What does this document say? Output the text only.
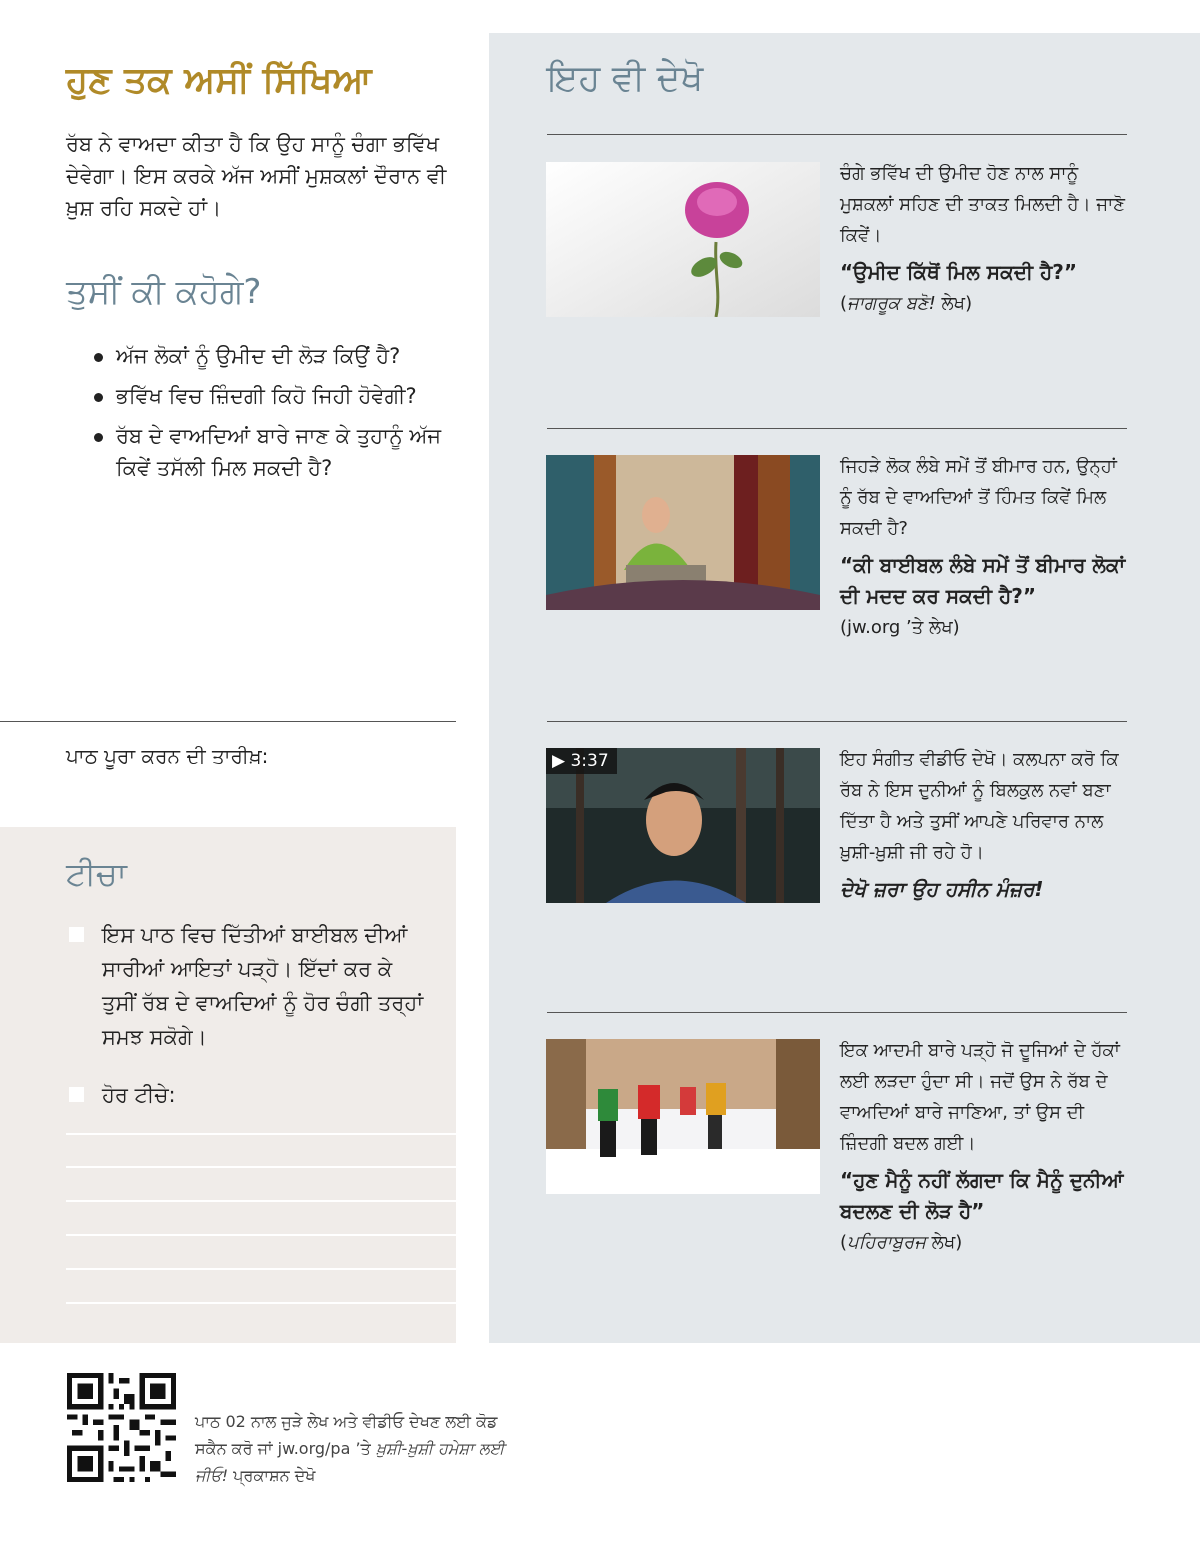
ਹੁਣ ਤਕ ਅਸੀਂ ਸਿੱਖਿਆ

ਰੱਬ ਨੇ ਵਾਅਦਾ ਕੀਤਾ ਹੈ ਕਿ ਉਹ ਸਾਨੂੰ ਚੰਗਾ ਭਵਿੱਖ ਦੇਵੇਗਾ। ਇਸ ਕਰਕੇ ਅੱਜ ਅਸੀਂ ਮੁਸ਼ਕਲਾਂ ਦੌਰਾਨ ਵੀ ਖ਼ੁਸ਼ ਰਹਿ ਸਕਦੇ ਹਾਂ।

ਤੁਸੀਂ ਕੀ ਕਹੋਗੇ?
ਅੱਜ ਲੋਕਾਂ ਨੂੰ ਉਮੀਦ ਦੀ ਲੋੜ ਕਿਉਂ ਹੈ?
ਭਵਿੱਖ ਵਿਚ ਜ਼ਿੰਦਗੀ ਕਿਹੋ ਜਿਹੀ ਹੋਵੇਗੀ?
ਰੱਬ ਦੇ ਵਾਅਦਿਆਂ ਬਾਰੇ ਜਾਣ ਕੇ ਤੁਹਾਨੂੰ ਅੱਜ ਕਿਵੇਂ ਤਸੱਲੀ ਮਿਲ ਸਕਦੀ ਹੈ?

ਪਾਠ ਪੂਰਾ ਕਰਨ ਦੀ ਤਾਰੀਖ਼:

ਟੀਚਾ
ਇਸ ਪਾਠ ਵਿਚ ਦਿੱਤੀਆਂ ਬਾਈਬਲ ਦੀਆਂ ਸਾਰੀਆਂ ਆਇਤਾਂ ਪੜ੍ਹੋ। ਇੱਦਾਂ ਕਰ ਕੇ ਤੁਸੀਂ ਰੱਬ ਦੇ ਵਾਅਦਿਆਂ ਨੂੰ ਹੋਰ ਚੰਗੀ ਤਰ੍ਹਾਂ ਸਮਝ ਸਕੋਗੇ।
ਹੋਰ ਟੀਚੇ:
ਇਹ ਵੀ ਦੇਖੋ

ਚੰਗੇ ਭਵਿੱਖ ਦੀ ਉਮੀਦ ਹੋਣ ਨਾਲ ਸਾਨੂੰ ਮੁਸ਼ਕਲਾਂ ਸਹਿਣ ਦੀ ਤਾਕਤ ਮਿਲਦੀ ਹੈ। ਜਾਣੋ ਕਿਵੇਂ।

“ਉਮੀਦ ਕਿੱਥੋਂ ਮਿਲ ਸਕਦੀ ਹੈ?”

(ਜਾਗਰੂਕ ਬਣੋ! ਲੇਖ)

ਜਿਹੜੇ ਲੋਕ ਲੰਬੇ ਸਮੇਂ ਤੋਂ ਬੀਮਾਰ ਹਨ, ਉਨ੍ਹਾਂ ਨੂੰ ਰੱਬ ਦੇ ਵਾਅਦਿਆਂ ਤੋਂ ਹਿੰਮਤ ਕਿਵੇਂ ਮਿਲ ਸਕਦੀ ਹੈ?

“ਕੀ ਬਾਈਬਲ ਲੰਬੇ ਸਮੇਂ ਤੋਂ ਬੀਮਾਰ ਲੋਕਾਂ ਦੀ ਮਦਦ ਕਰ ਸਕਦੀ ਹੈ?”

(jw.org ’ਤੇ ਲੇਖ)

▶ 3:37	ਇਹ ਸੰਗੀਤ ਵੀਡੀਓ ਦੇਖੋ। ਕਲਪਨਾ ਕਰੋ ਕਿ ਰੱਬ ਨੇ ਇਸ ਦੁਨੀਆਂ ਨੂੰ ਬਿਲਕੁਲ ਨਵਾਂ ਬਣਾ ਦਿੱਤਾ ਹੈ ਅਤੇ ਤੁਸੀਂ ਆਪਣੇ ਪਰਿਵਾਰ ਨਾਲ ਖ਼ੁਸ਼ੀ-ਖ਼ੁਸ਼ੀ ਜੀ ਰਹੇ ਹੋ।

ਦੇਖੋ ਜ਼ਰਾ ਉਹ ਹਸੀਨ ਮੰਜ਼ਰ!

ਇਕ ਆਦਮੀ ਬਾਰੇ ਪੜ੍ਹੋ ਜੋ ਦੂਜਿਆਂ ਦੇ ਹੱਕਾਂ ਲਈ ਲੜਦਾ ਹੁੰਦਾ ਸੀ। ਜਦੋਂ ਉਸ ਨੇ ਰੱਬ ਦੇ ਵਾਅਦਿਆਂ ਬਾਰੇ ਜਾਣਿਆ, ਤਾਂ ਉਸ ਦੀ ਜ਼ਿੰਦਗੀ ਬਦਲ ਗਈ।

“ਹੁਣ ਮੈਨੂੰ ਨਹੀਂ ਲੱਗਦਾ ਕਿ ਮੈਨੂੰ ਦੁਨੀਆਂ ਬਦਲਣ ਦੀ ਲੋੜ ਹੈ”

(ਪਹਿਰਾਬੁਰਜ ਲੇਖ)

ਪਾਠ 02 ਨਾਲ ਜੁੜੇ ਲੇਖ ਅਤੇ ਵੀਡੀਓ ਦੇਖਣ ਲਈ ਕੋਡ ਸਕੈਨ ਕਰੋ ਜਾਂ jw.org/pa ’ਤੇ ਖ਼ੁਸ਼ੀ-ਖ਼ੁਸ਼ੀ ਹਮੇਸ਼ਾ ਲਈ ਜੀਓ! ਪ੍ਰਕਾਸ਼ਨ ਦੇਖੋ
